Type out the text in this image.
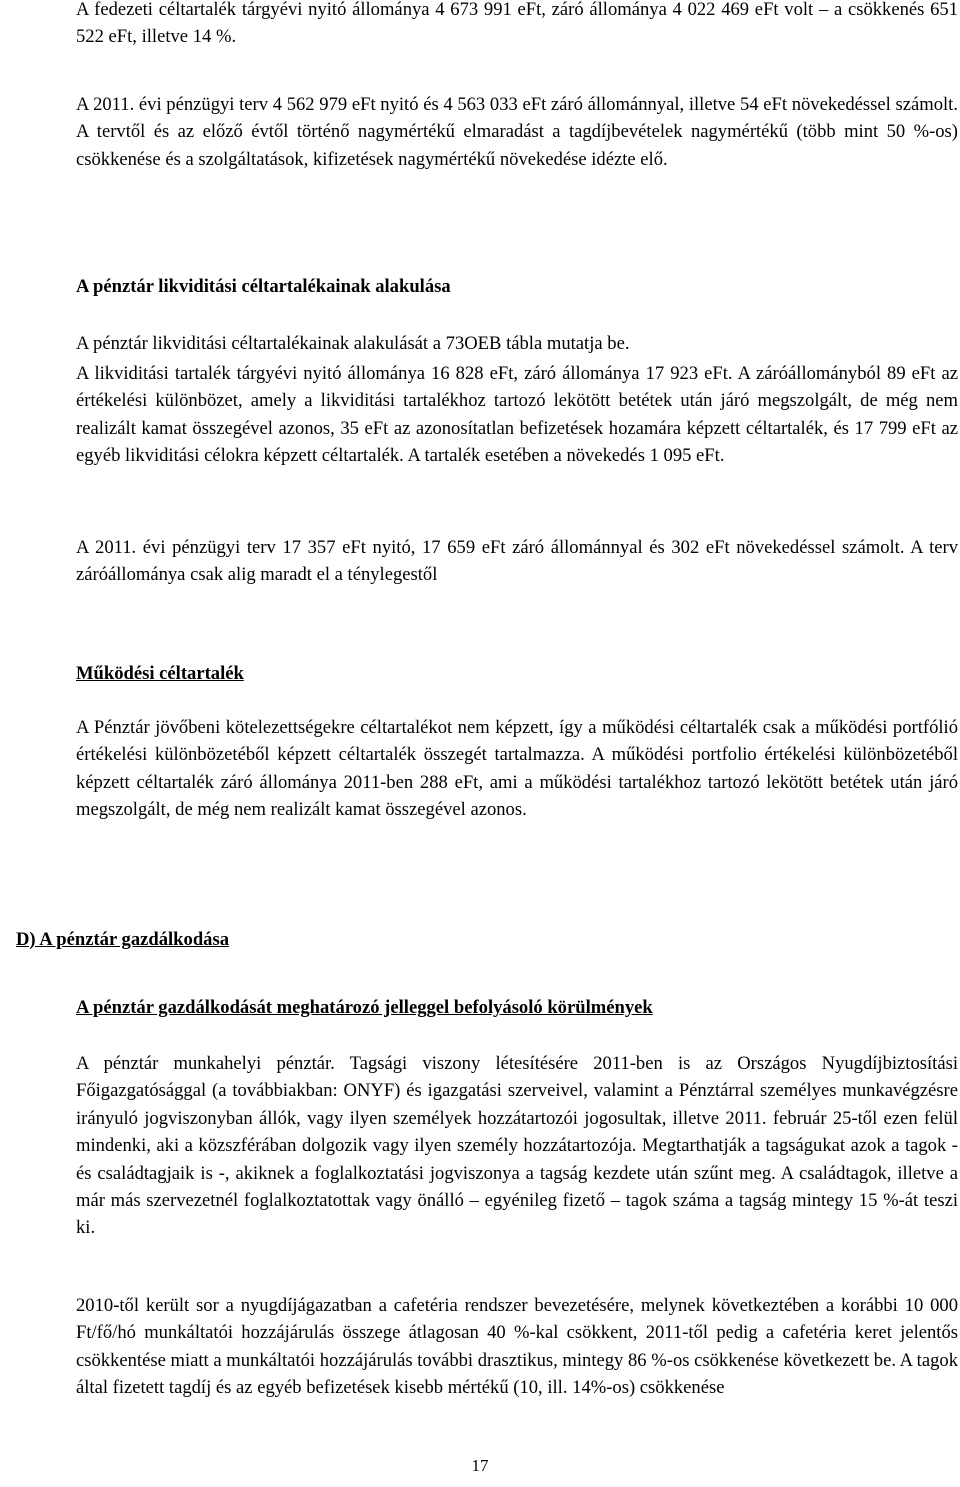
A fedezeti céltartalék tárgyévi nyitó állománya 4 673 991 eFt, záró állománya 4 022 469 eFt volt – a csökkenés 651 522 eFt, illetve 14 %.

A 2011. évi pénzügyi terv 4 562 979 eFt nyitó és 4 563 033 eFt záró állománnyal, illetve 54 eFt növekedéssel számolt. A tervtől és az előző évtől történő nagymértékű elmaradást a tagdíjbevételek nagymértékű (több mint 50 %-os) csökkenése és a szolgáltatások, kifizetések nagymértékű növekedése idézte elő.

A pénztár likviditási céltartalékainak alakulása

A pénztár likviditási céltartalékainak alakulását a 73OEB tábla mutatja be.

A likviditási tartalék tárgyévi nyitó állománya 16 828 eFt, záró állománya 17 923 eFt. A záróállományból 89 eFt az értékelési különbözet, amely a likviditási tartalékhoz tartozó lekötött betétek után járó megszolgált, de még nem realizált kamat összegével azonos, 35 eFt az azonosítatlan befizetések hozamára képzett céltartalék, és 17 799 eFt az egyéb likviditási célokra képzett céltartalék. A tartalék esetében a növekedés 1 095 eFt.

A 2011. évi pénzügyi terv 17 357 eFt nyitó, 17 659 eFt záró állománnyal és 302 eFt növekedéssel számolt. A terv záróállománya csak alig maradt el a ténylegestől

Működési céltartalék

A Pénztár jövőbeni kötelezettségekre céltartalékot nem képzett, így a működési céltartalék csak a működési portfólió értékelési különbözetéből képzett céltartalék összegét tartalmazza. A működési portfolio értékelési különbözetéből képzett céltartalék záró állománya 2011-ben 288 eFt, ami a működési tartalékhoz tartozó lekötött betétek után járó megszolgált, de még nem realizált kamat összegével azonos.

D) A pénztár gazdálkodása
A pénztár gazdálkodását meghatározó jelleggel befolyásoló körülmények

A pénztár munkahelyi pénztár. Tagsági viszony létesítésére 2011-ben is az Országos Nyugdíjbiztosítási Főigazgatósággal (a továbbiakban: ONYF) és igazgatási szerveivel, valamint a Pénztárral személyes munkavégzésre irányuló jogviszonyban állók, vagy ilyen személyek hozzátartozói jogosultak, illetve 2011. február 25-től ezen felül mindenki, aki a közszférában dolgozik vagy ilyen személy hozzátartozója. Megtarthatják a tagságukat azok a tagok - és családtagjaik is -, akiknek a foglalkoztatási jogviszonya a tagság kezdete után szűnt meg. A családtagok, illetve a már más szervezetnél foglalkoztatottak vagy önálló – egyénileg fizető – tagok száma a tagság mintegy 15 %-át teszi ki.

2010-től került sor a nyugdíjágazatban a cafetéria rendszer bevezetésére, melynek következtében a korábbi 10 000 Ft/fő/hó munkáltatói hozzájárulás összege átlagosan 40 %-kal csökkent, 2011-től pedig a cafetéria keret jelentős csökkentése miatt a munkáltatói hozzájárulás további drasztikus, mintegy 86 %-os csökkenése következett be. A tagok által fizetett tagdíj és az egyéb befizetések kisebb mértékű (10, ill. 14%-os) csökkenése

17
